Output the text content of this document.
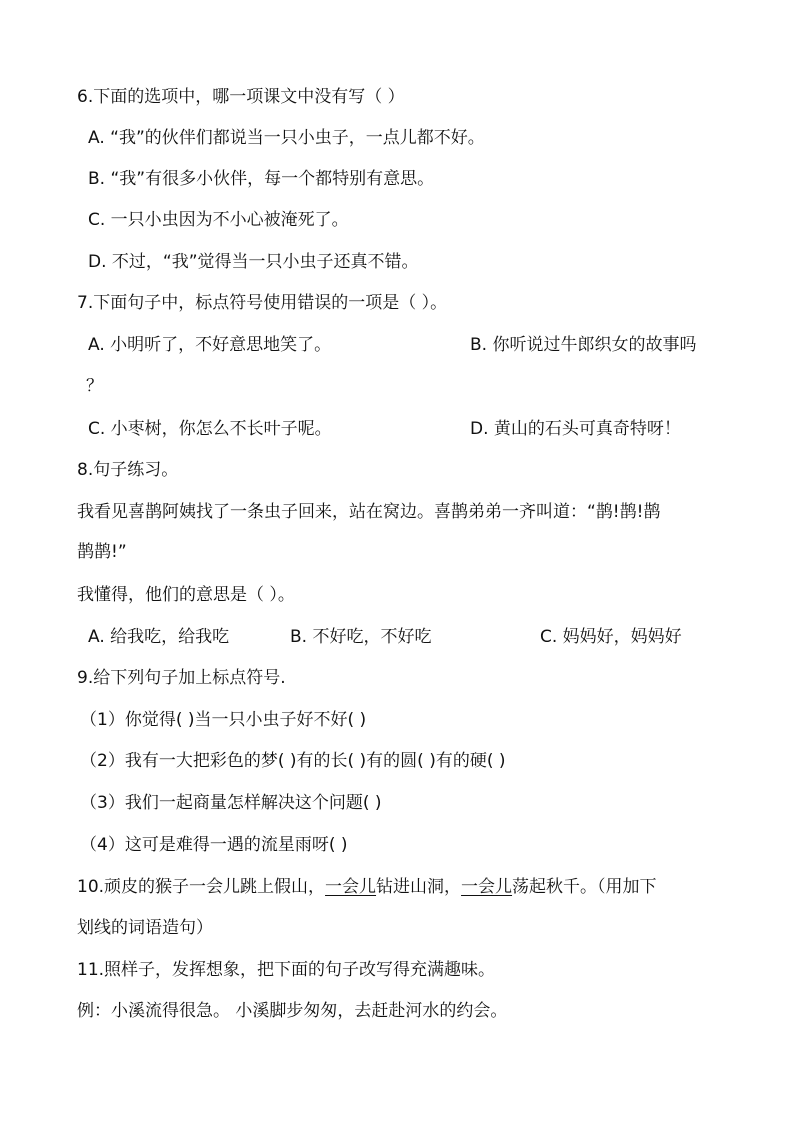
6.下面的选项中，哪一项课文中没有写（ ）
A. “我”的伙伴们都说当一只小虫子，一点儿都不好。
B. “我”有很多小伙伴，每一个都特别有意思。
C. 一只小虫因为不小心被淹死了。
D. 不过，“我”觉得当一只小虫子还真不错。
7.下面句子中，标点符号使用错误的一项是（ ）。
A. 小明听了，不好意思地笑了。	B. 你听说过牛郎织女的故事吗
？
C. 小枣树，你怎么不长叶子呢。	D. 黄山的石头可真奇特呀！
8.句子练习。
我看见喜鹊阿姨找了一条虫子回来，站在窝边。喜鹊弟弟一齐叫道：“鹊!鹊!鹊
鹊鹊!”
我懂得，他们的意思是（ ）。
A. 给我吃，给我吃	B. 不好吃，不好吃	C. 妈妈好，妈妈好
9.给下列句子加上标点符号.
（1）你觉得( )当一只小虫子好不好( )
（2）我有一大把彩色的梦( )有的长( )有的圆( )有的硬( )
（3）我们一起商量怎样解决这个问题( )
（4）这可是难得一遇的流星雨呀( )
10.顽皮的猴子一会儿跳上假山，一会儿钻进山洞，一会儿荡起秋千。（用加下
划线的词语造句）
11.照样子，发挥想象，把下面的句子改写得充满趣味。
例：小溪流得很急。 小溪脚步匆匆，去赶赴河水的约会。
